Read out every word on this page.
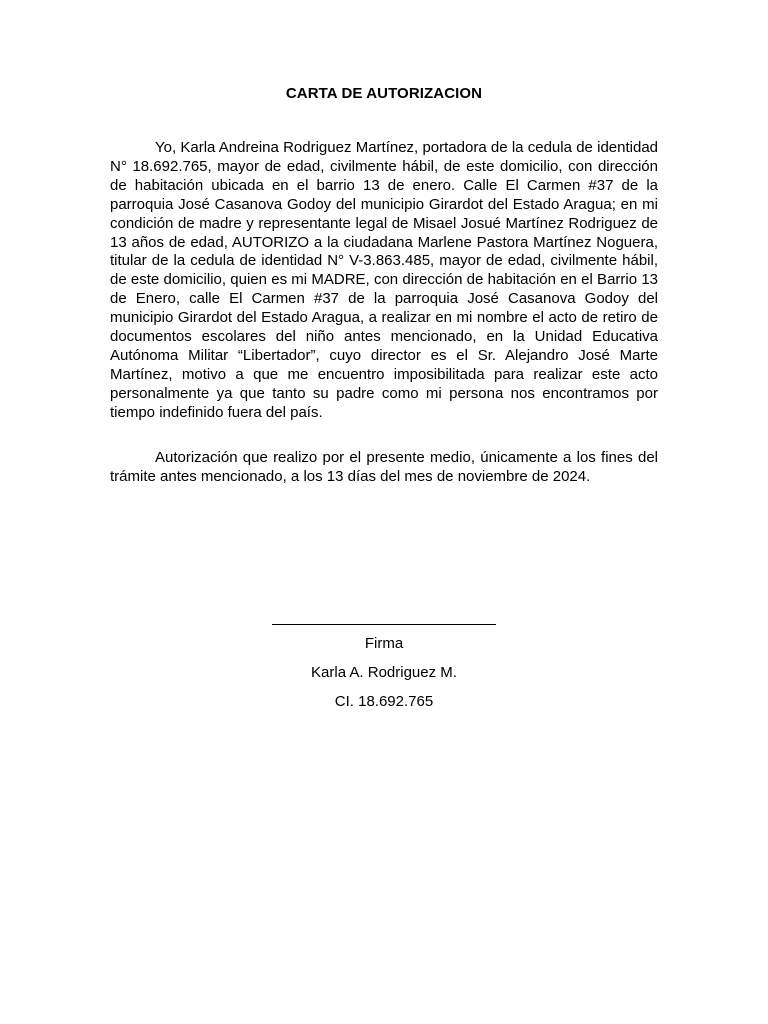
CARTA DE AUTORIZACION

Yo, Karla Andreina Rodriguez Martínez, portadora de la cedula de identidad N° 18.692.765, mayor de edad, civilmente hábil, de este domicilio, con dirección de habitación ubicada en el barrio 13 de enero. Calle El Carmen #37 de la parroquia José Casanova Godoy del municipio Girardot del Estado Aragua; en mi condición de madre y representante legal de Misael Josué Martínez Rodriguez de 13 años de edad, AUTORIZO a la ciudadana Marlene Pastora Martínez Noguera, titular de la cedula de identidad N° V-3.863.485, mayor de edad, civilmente hábil, de este domicilio, quien es mi MADRE, con dirección de habitación en el Barrio 13 de Enero, calle El Carmen #37 de la parroquia José Casanova Godoy del municipio Girardot del Estado Aragua, a realizar en mi nombre el acto de retiro de documentos escolares del niño antes mencionado, en la Unidad Educativa Autónoma Militar “Libertador”, cuyo director es el Sr. Alejandro José Marte Martínez, motivo a que me encuentro imposibilitada para realizar este acto personalmente ya que tanto su padre como mi persona nos encontramos por tiempo indefinido fuera del país.

Autorización que realizo por el presente medio, únicamente a los fines del trámite antes mencionado, a los 13 días del mes de noviembre de 2024.

Firma
Karla A. Rodriguez M.
CI. 18.692.765
